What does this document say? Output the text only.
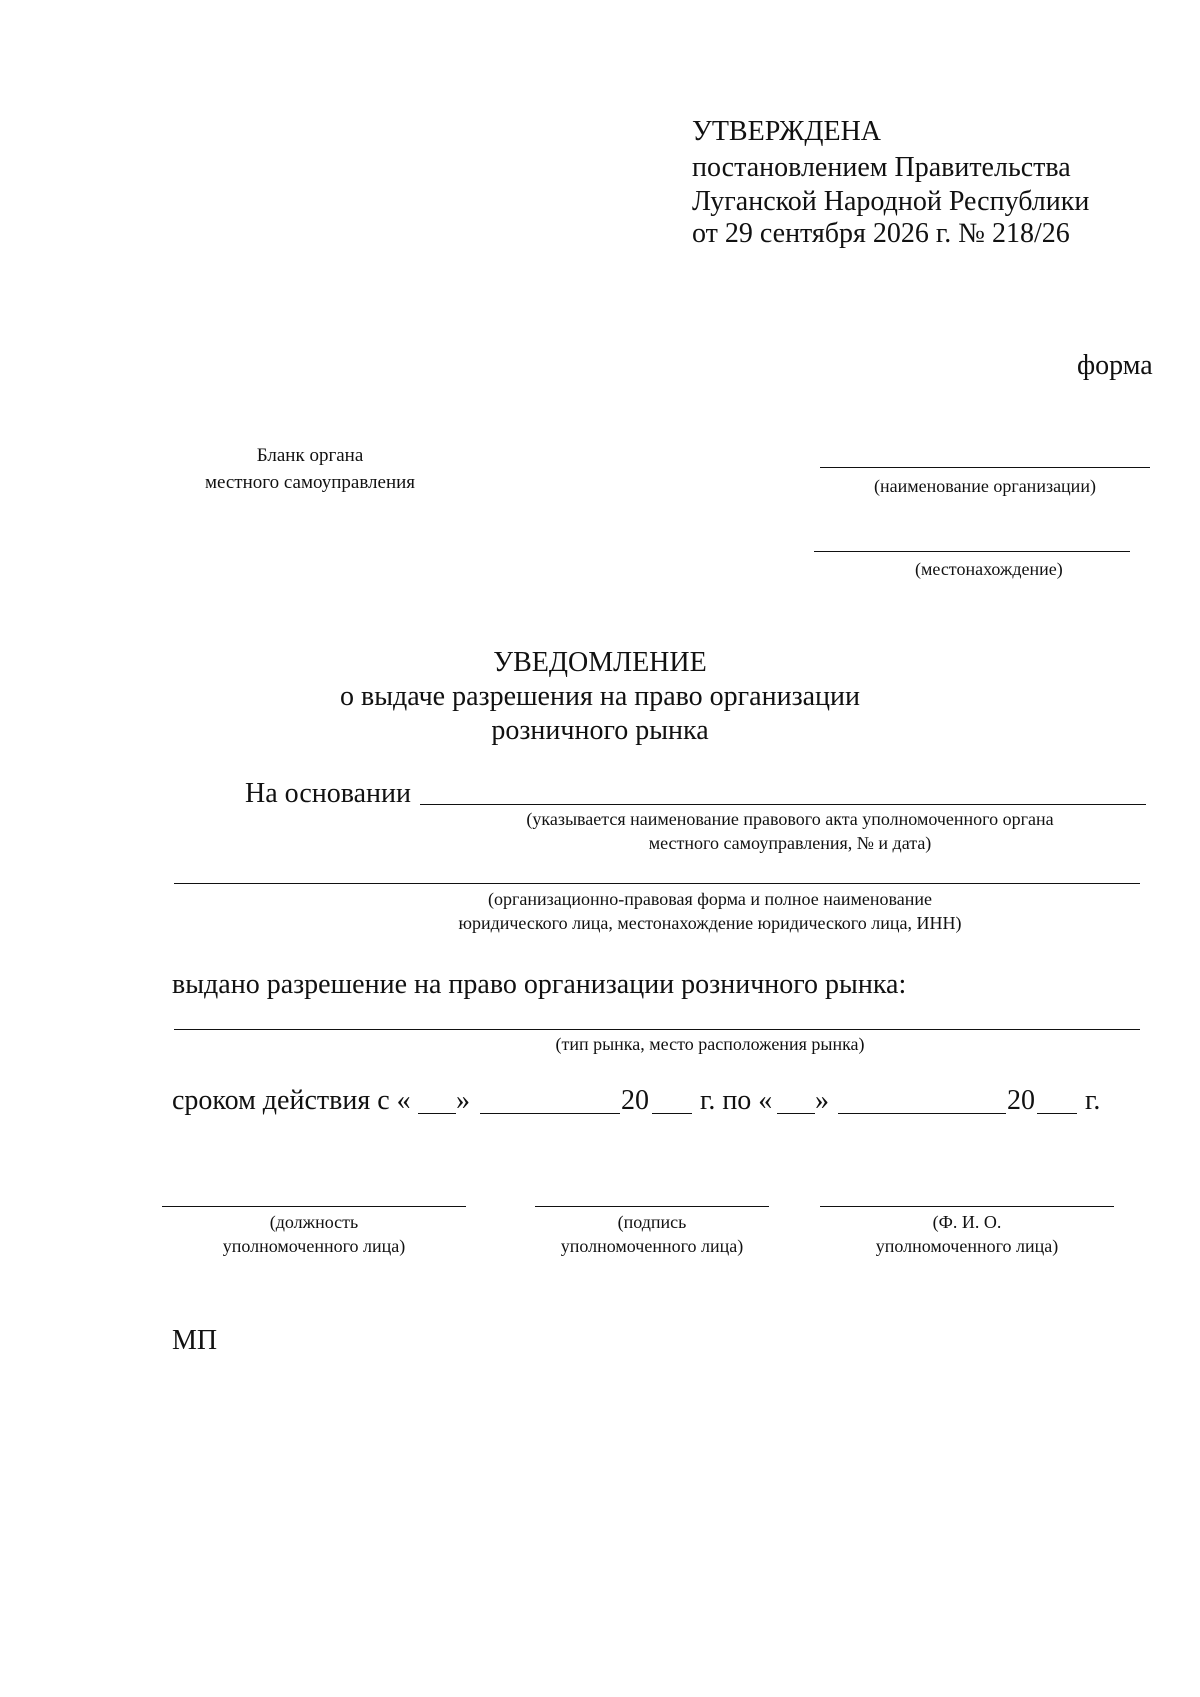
УТВЕРЖДЕНА
постановлением Правительства
Луганской Народной Республики
от 29 сентября 2026 г. № 218/26
форма
Бланк органа
местного самоуправления	(наименование организации)
(местонахождение)
УВЕДОМЛЕНИЕ
о выдаче разрешения на право организации
розничного рынка
На основании
(указывается наименование правового акта уполномоченного органа
местного самоуправления, № и дата)
(организационно-правовая форма и полное наименование
юридического лица, местонахождение юридического лица, ИНН)
выдано разрешение на право организации розничного рынка:
(тип рынка, место расположения рынка)
сроком действия с « »	20 г. по « »	20 г.
(должность
уполномоченного лица)
(подпись
уполномоченного лица)
(Ф. И. О.
уполномоченного лица)
МП
